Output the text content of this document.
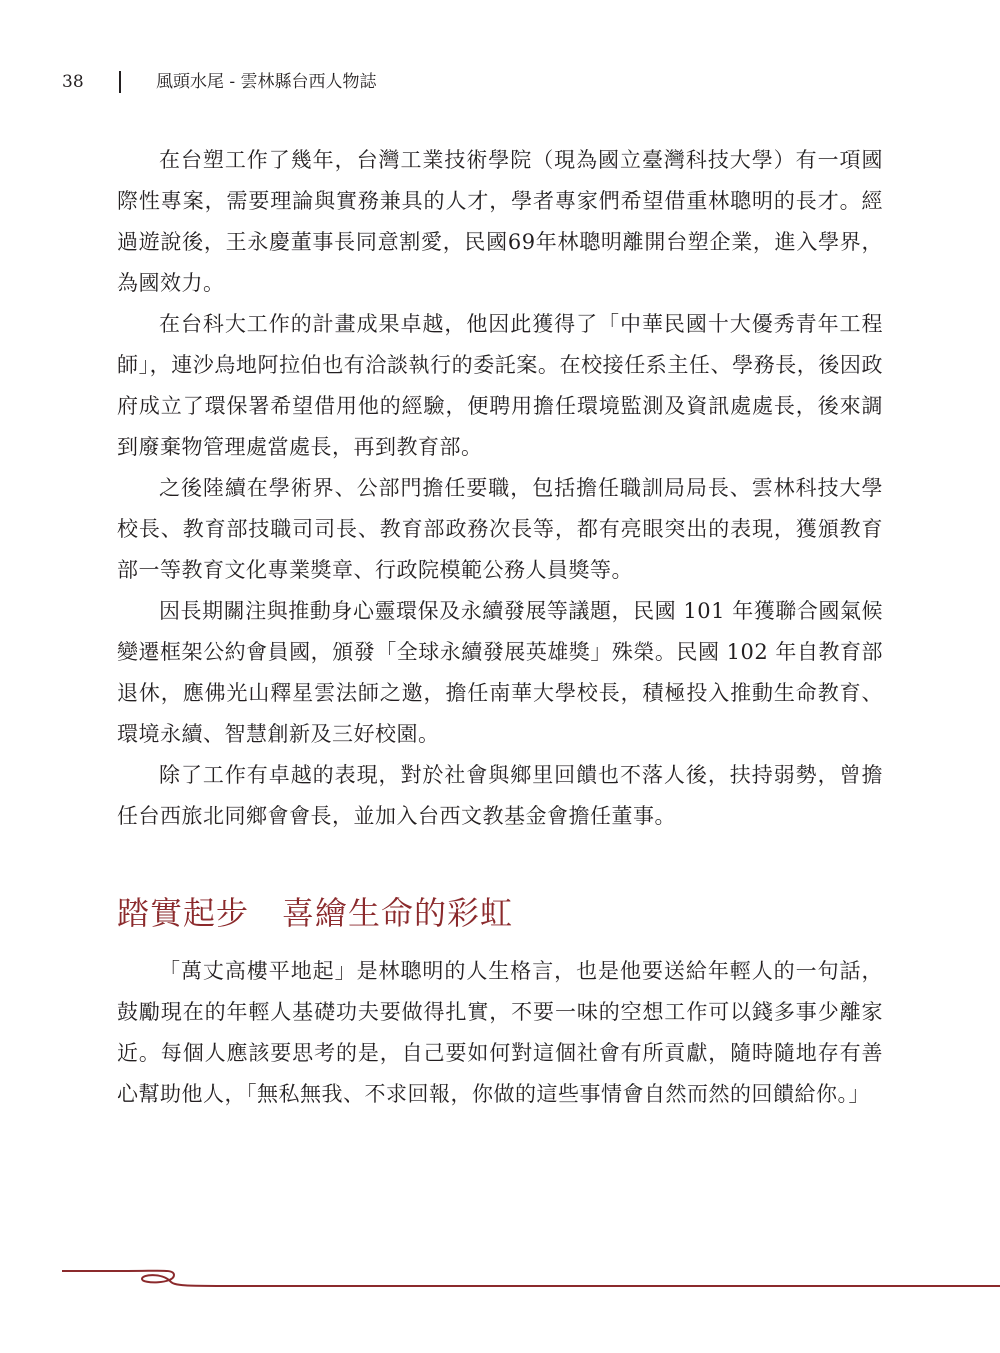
38	風頭水尾 - 雲林縣台西人物誌

在台塑工作了幾年，台灣工業技術學院（現為國立臺灣科技大學）有一項國際性專案，需要理論與實務兼具的人才，學者專家們希望借重林聰明的長才。經過遊說後，王永慶董事長同意割愛，民國69年林聰明離開台塑企業，進入學界，為國效力。

在台科大工作的計畫成果卓越，他因此獲得了「中華民國十大優秀青年工程師」，連沙烏地阿拉伯也有洽談執行的委託案。在校接任系主任、學務長，後因政府成立了環保署希望借用他的經驗，便聘用擔任環境監測及資訊處處長，後來調到廢棄物管理處當處長，再到教育部。

之後陸續在學術界、公部門擔任要職，包括擔任職訓局局長、雲林科技大學校長、教育部技職司司長、教育部政務次長等，都有亮眼突出的表現，獲頒教育部一等教育文化專業獎章、行政院模範公務人員獎等。

因長期關注與推動身心靈環保及永續發展等議題，民國 101 年獲聯合國氣候變遷框架公約會員國，頒發「全球永續發展英雄獎」殊榮。民國 102 年自教育部退休，應佛光山釋星雲法師之邀，擔任南華大學校長，積極投入推動生命教育、環境永續、智慧創新及三好校園。

除了工作有卓越的表現，對於社會與鄉里回饋也不落人後，扶持弱勢，曾擔任台西旅北同鄉會會長，並加入台西文教基金會擔任董事。

踏實起步　喜繪生命的彩虹

「萬丈高樓平地起」是林聰明的人生格言，也是他要送給年輕人的一句話，鼓勵現在的年輕人基礎功夫要做得扎實，不要一味的空想工作可以錢多事少離家近。每個人應該要思考的是，自己要如何對這個社會有所貢獻，隨時隨地存有善心幫助他人，「無私無我、不求回報，你做的這些事情會自然而然的回饋給你。」
